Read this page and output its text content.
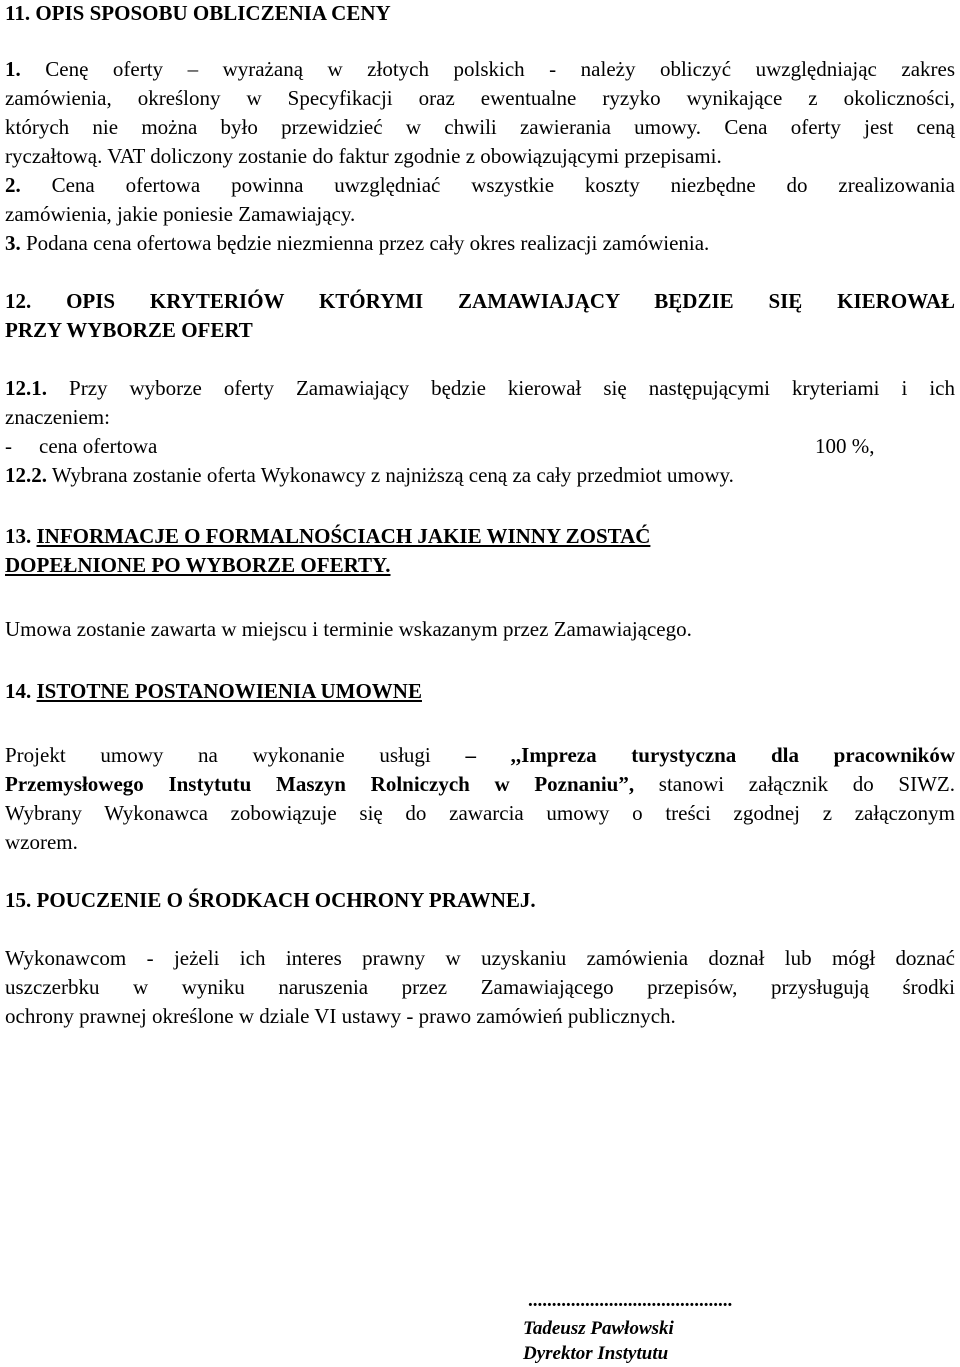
11. OPIS SPOSOBU OBLICZENIA CENY
1. Cenę oferty – wyrażaną w złotych polskich - należy obliczyć uwzględniając zakres
zamówienia, określony w Specyfikacji oraz ewentualne ryzyko wynikające z okoliczności,
których nie można było przewidzieć w chwili zawierania umowy. Cena oferty jest ceną
ryczałtową. VAT doliczony zostanie do faktur zgodnie z obowiązującymi przepisami.
2. Cena ofertowa powinna uwzględniać wszystkie koszty niezbędne do zrealizowania
zamówienia, jakie poniesie Zamawiający.
3. Podana cena ofertowa będzie niezmienna przez cały okres realizacji zamówienia.
12. OPIS KRYTERIÓW KTÓRYMI ZAMAWIAJĄCY BĘDZIE SIĘ KIEROWAŁ
PRZY WYBORZE OFERT
12.1. Przy wyborze oferty Zamawiający będzie kierował się następującymi kryteriami i ich
znaczeniem:
- cena ofertowa	100 %,
12.2. Wybrana zostanie oferta Wykonawcy z najniższą ceną za cały przedmiot umowy.
13. INFORMACJE O FORMALNOŚCIACH JAKIE WINNY ZOSTAĆ
DOPEŁNIONE PO WYBORZE OFERTY.
Umowa zostanie zawarta w miejscu i terminie wskazanym przez Zamawiającego.
14. ISTOTNE POSTANOWIENIA UMOWNE
Projekt umowy na wykonanie usługi – ,,Impreza turystyczna dla pracowników
Przemysłowego Instytutu Maszyn Rolniczych w Poznaniu”, stanowi załącznik do SIWZ.
Wybrany Wykonawca zobowiązuje się do zawarcia umowy o treści zgodnej z załączonym
wzorem.
15. POUCZENIE O ŚRODKACH OCHRONY PRAWNEJ.
Wykonawcom - jeżeli ich interes prawny w uzyskaniu zamówienia doznał lub mógł doznać
uszczerbku w wyniku naruszenia przez Zamawiającego przepisów, przysługują środki
ochrony prawnej określone w dziale VI ustawy - prawo zamówień publicznych.
...........................................
Tadeusz Pawłowski
Dyrektor Instytutu
